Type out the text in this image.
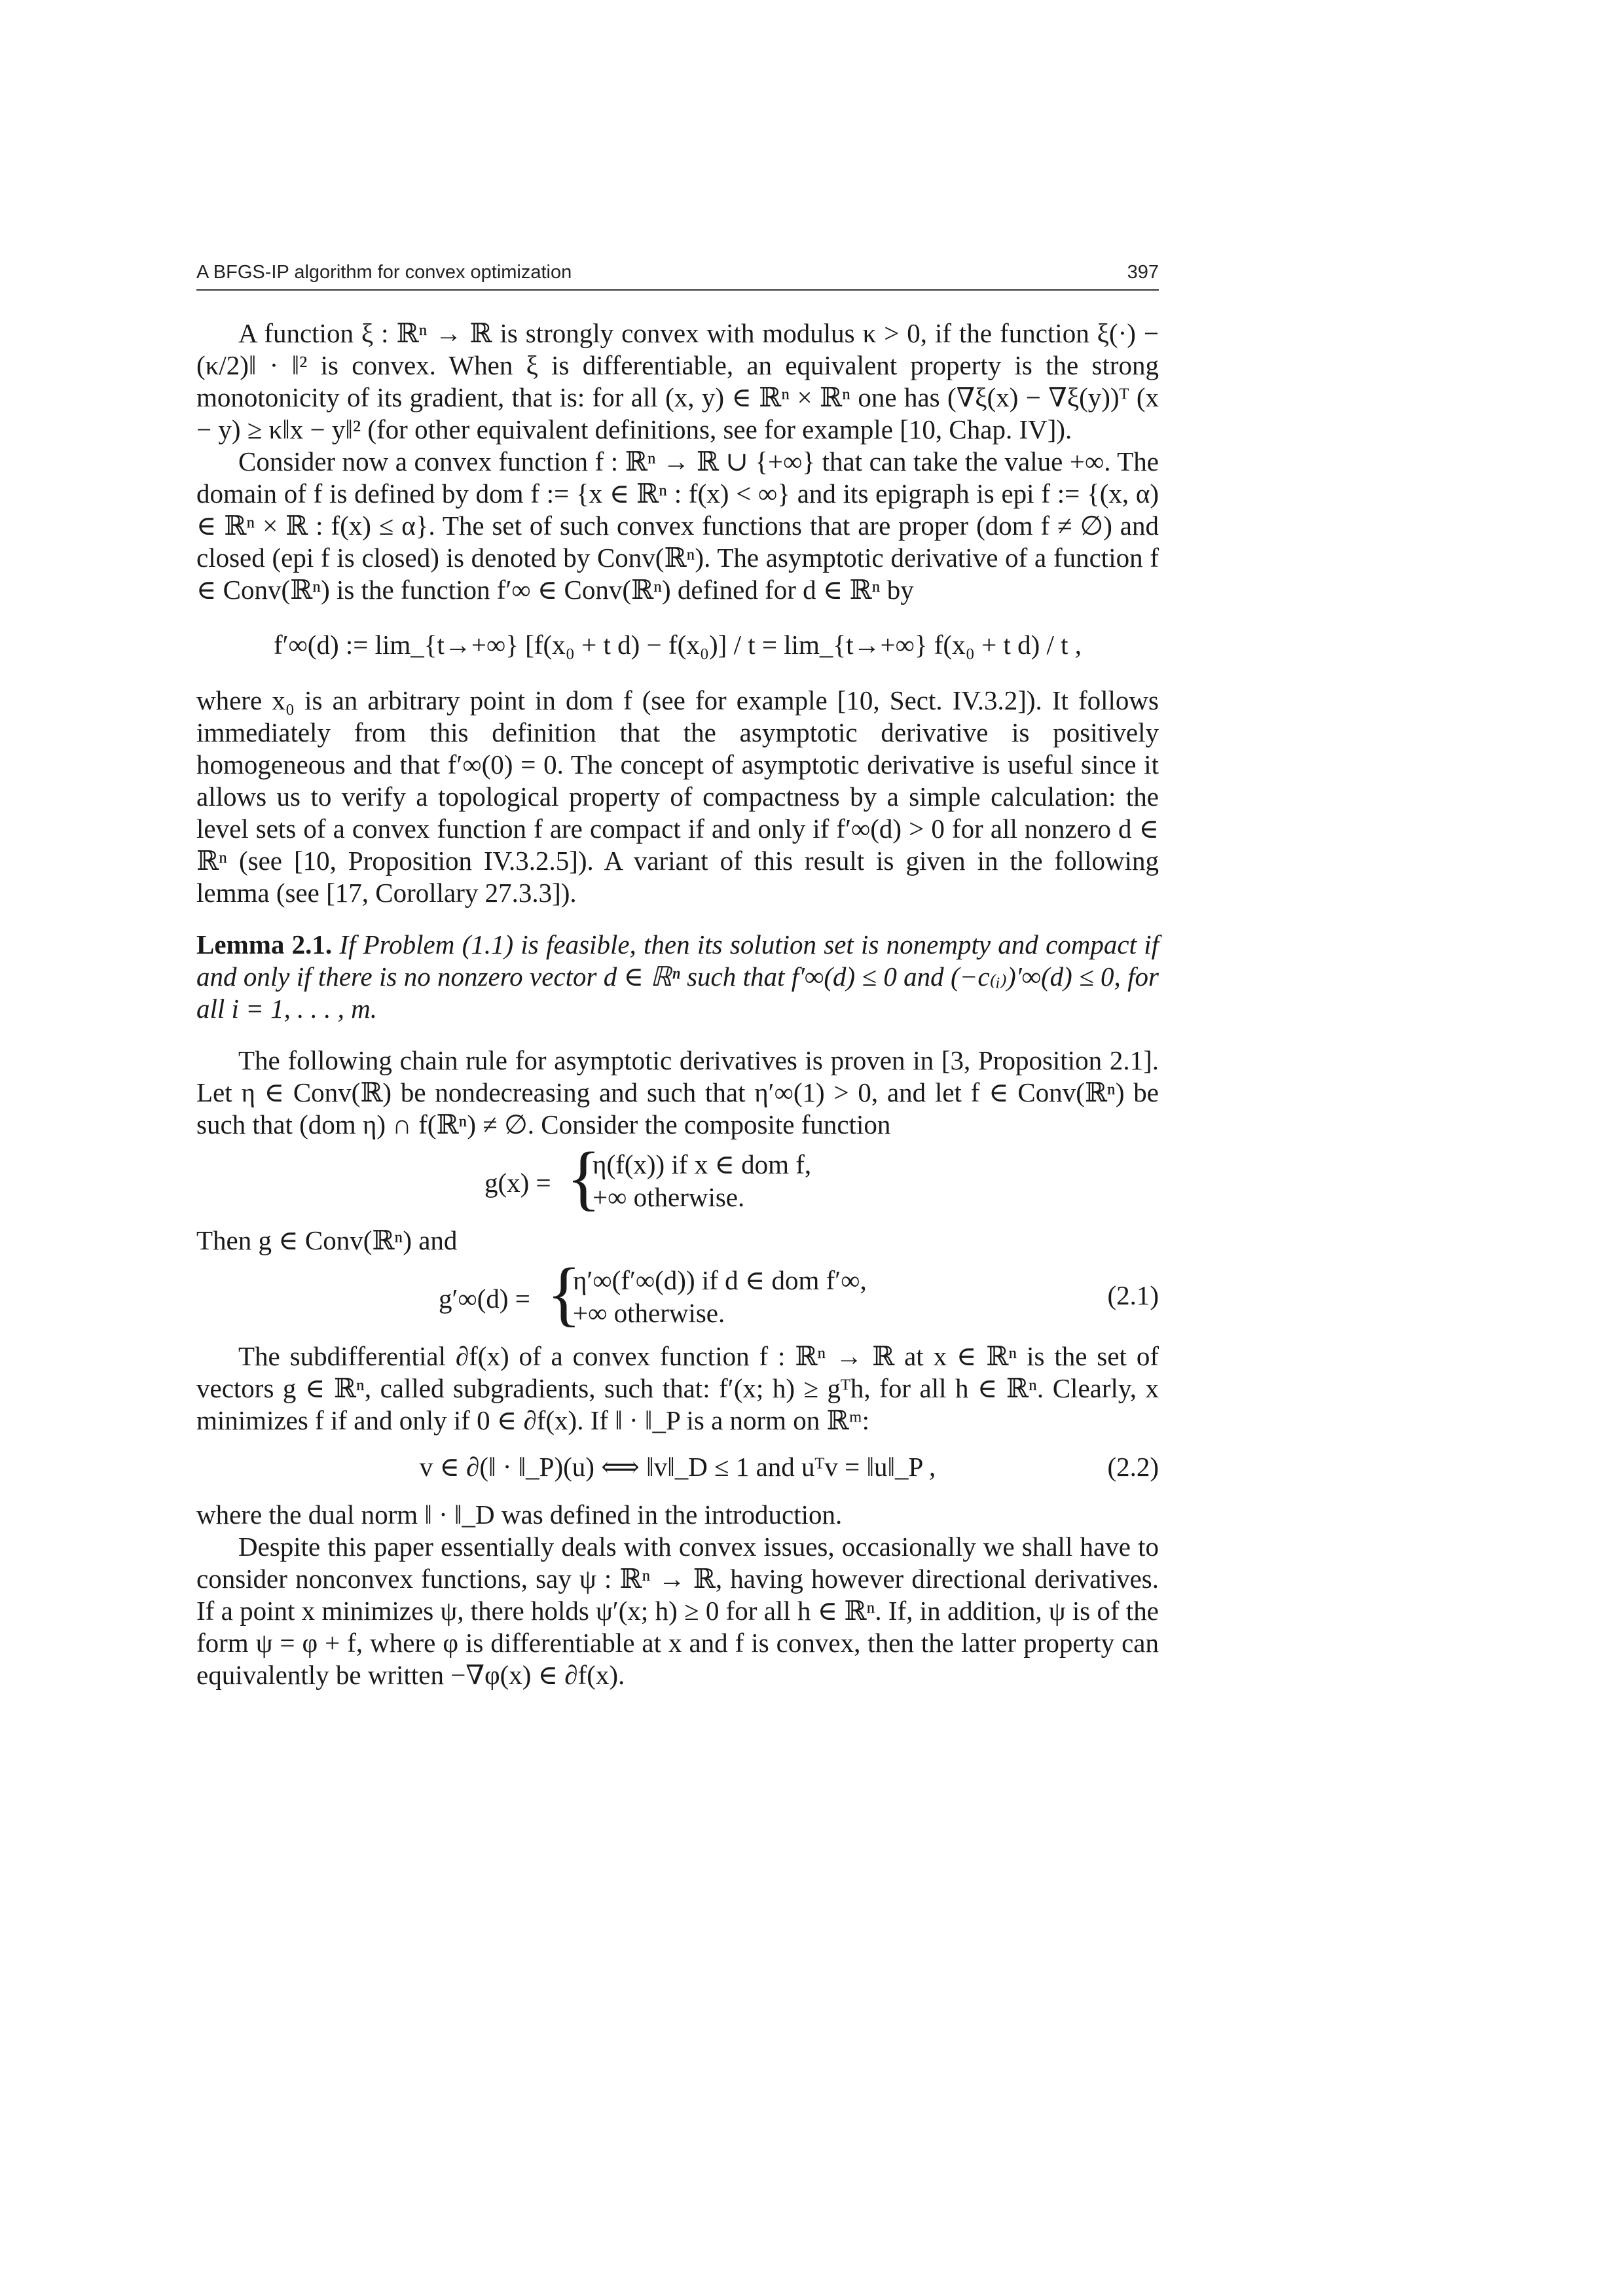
A BFGS-IP algorithm for convex optimization	397

A function ξ : ℝⁿ → ℝ is strongly convex with modulus κ > 0, if the function ξ(·) − (κ/2)‖ · ‖² is convex. When ξ is differentiable, an equivalent property is the strong monotonicity of its gradient, that is: for all (x, y) ∈ ℝⁿ × ℝⁿ one has (∇ξ(x) − ∇ξ(y))ᵀ (x − y) ≥ κ‖x − y‖² (for other equivalent definitions, see for example [10, Chap. IV]).

Consider now a convex function f : ℝⁿ → ℝ ∪ {+∞} that can take the value +∞. The domain of f is defined by dom f := {x ∈ ℝⁿ : f(x) < ∞} and its epigraph is epi f := {(x, α) ∈ ℝⁿ × ℝ : f(x) ≤ α}. The set of such convex functions that are proper (dom f ≠ ∅) and closed (epi f is closed) is denoted by Conv(ℝⁿ). The asymptotic derivative of a function f ∈ Conv(ℝⁿ) is the function f′∞ ∈ Conv(ℝⁿ) defined for d ∈ ℝⁿ by

f′∞(d) := lim_{t→+∞} [f(x₀ + t d) − f(x₀)] / t = lim_{t→+∞} f(x₀ + t d) / t ,

where x₀ is an arbitrary point in dom f (see for example [10, Sect. IV.3.2]). It follows immediately from this definition that the asymptotic derivative is positively homogeneous and that f′∞(0) = 0. The concept of asymptotic derivative is useful since it allows us to verify a topological property of compactness by a simple calculation: the level sets of a convex function f are compact if and only if f′∞(d) > 0 for all nonzero d ∈ ℝⁿ (see [10, Proposition IV.3.2.5]). A variant of this result is given in the following lemma (see [17, Corollary 27.3.3]).

Lemma 2.1. If Problem (1.1) is feasible, then its solution set is nonempty and compact if and only if there is no nonzero vector d ∈ ℝⁿ such that f′∞(d) ≤ 0 and (−c₍ᵢ₎)′∞(d) ≤ 0, for all i = 1, . . . , m.

The following chain rule for asymptotic derivatives is proven in [3, Proposition 2.1]. Let η ∈ Conv(ℝ) be nondecreasing and such that η′∞(1) > 0, and let f ∈ Conv(ℝⁿ) be such that (dom η) ∩ f(ℝⁿ) ≠ ∅. Consider the composite function

g(x) = {
η(f(x)) if x ∈ dom f,
+∞ otherwise.

Then g ∈ Conv(ℝⁿ) and

g′∞(d) = {
η′∞(f′∞(d)) if d ∈ dom f′∞,
+∞ otherwise.
(2.1)

The subdifferential ∂f(x) of a convex function f : ℝⁿ → ℝ at x ∈ ℝⁿ is the set of vectors g ∈ ℝⁿ, called subgradients, such that: f′(x; h) ≥ gᵀh, for all h ∈ ℝⁿ. Clearly, x minimizes f if and only if 0 ∈ ∂f(x). If ‖ · ‖_P is a norm on ℝᵐ:

v ∈ ∂(‖ · ‖_P)(u) ⟺ ‖v‖_D ≤ 1 and uᵀv = ‖u‖_P ,	(2.2)

where the dual norm ‖ · ‖_D was defined in the introduction.

Despite this paper essentially deals with convex issues, occasionally we shall have to consider nonconvex functions, say ψ : ℝⁿ → ℝ, having however directional derivatives. If a point x minimizes ψ, there holds ψ′(x; h) ≥ 0 for all h ∈ ℝⁿ. If, in addition, ψ is of the form ψ = φ + f, where φ is differentiable at x and f is convex, then the latter property can equivalently be written −∇φ(x) ∈ ∂f(x).
